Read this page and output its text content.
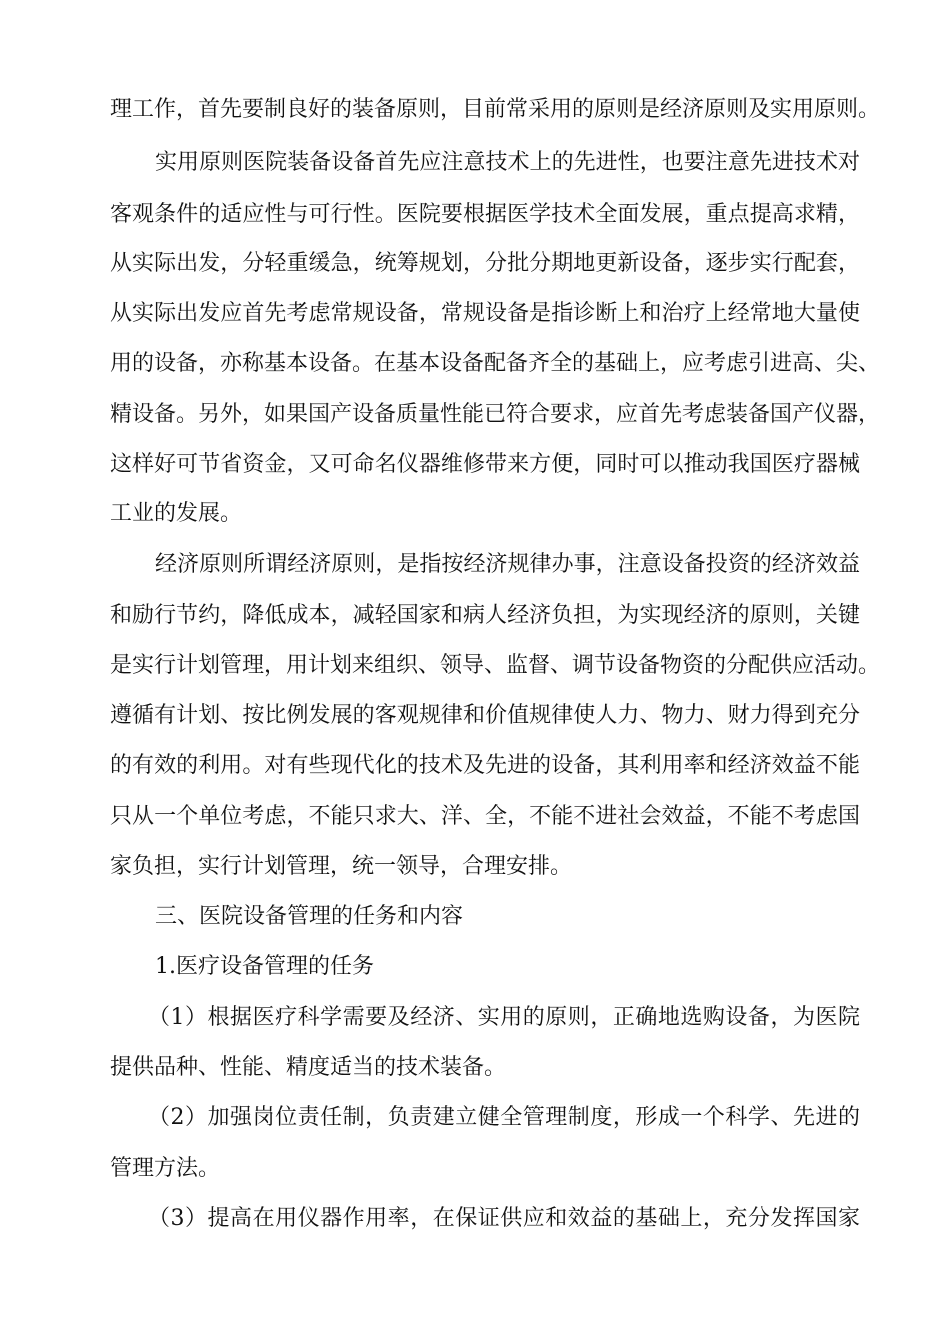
理工作，首先要制良好的装备原则，目前常采用的原则是经济原则及实用原则。
实用原则医院装备设备首先应注意技术上的先进性，也要注意先进技术对
客观条件的适应性与可行性。医院要根据医学技术全面发展，重点提高求精，
从实际出发，分轻重缓急，统筹规划，分批分期地更新设备，逐步实行配套，
从实际出发应首先考虑常规设备，常规设备是指诊断上和治疗上经常地大量使
用的设备，亦称基本设备。在基本设备配备齐全的基础上，应考虑引进高、尖、
精设备。另外，如果国产设备质量性能已符合要求，应首先考虑装备国产仪器，
这样好可节省资金，又可命名仪器维修带来方便，同时可以推动我国医疗器械
工业的发展。
经济原则所谓经济原则，是指按经济规律办事，注意设备投资的经济效益
和励行节约，降低成本，减轻国家和病人经济负担，为实现经济的原则，关键
是实行计划管理，用计划来组织、领导、监督、调节设备物资的分配供应活动。
遵循有计划、按比例发展的客观规律和价值规律使人力、物力、财力得到充分
的有效的利用。对有些现代化的技术及先进的设备，其利用率和经济效益不能
只从一个单位考虑，不能只求大、洋、全，不能不进社会效益，不能不考虑国
家负担，实行计划管理，统一领导，合理安排。
三、医院设备管理的任务和内容
1.医疗设备管理的任务
（1）根据医疗科学需要及经济、实用的原则，正确地选购设备，为医院
提供品种、性能、精度适当的技术装备。
（2）加强岗位责任制，负责建立健全管理制度，形成一个科学、先进的
管理方法。
（3）提高在用仪器作用率，在保证供应和效益的基础上，充分发挥国家
